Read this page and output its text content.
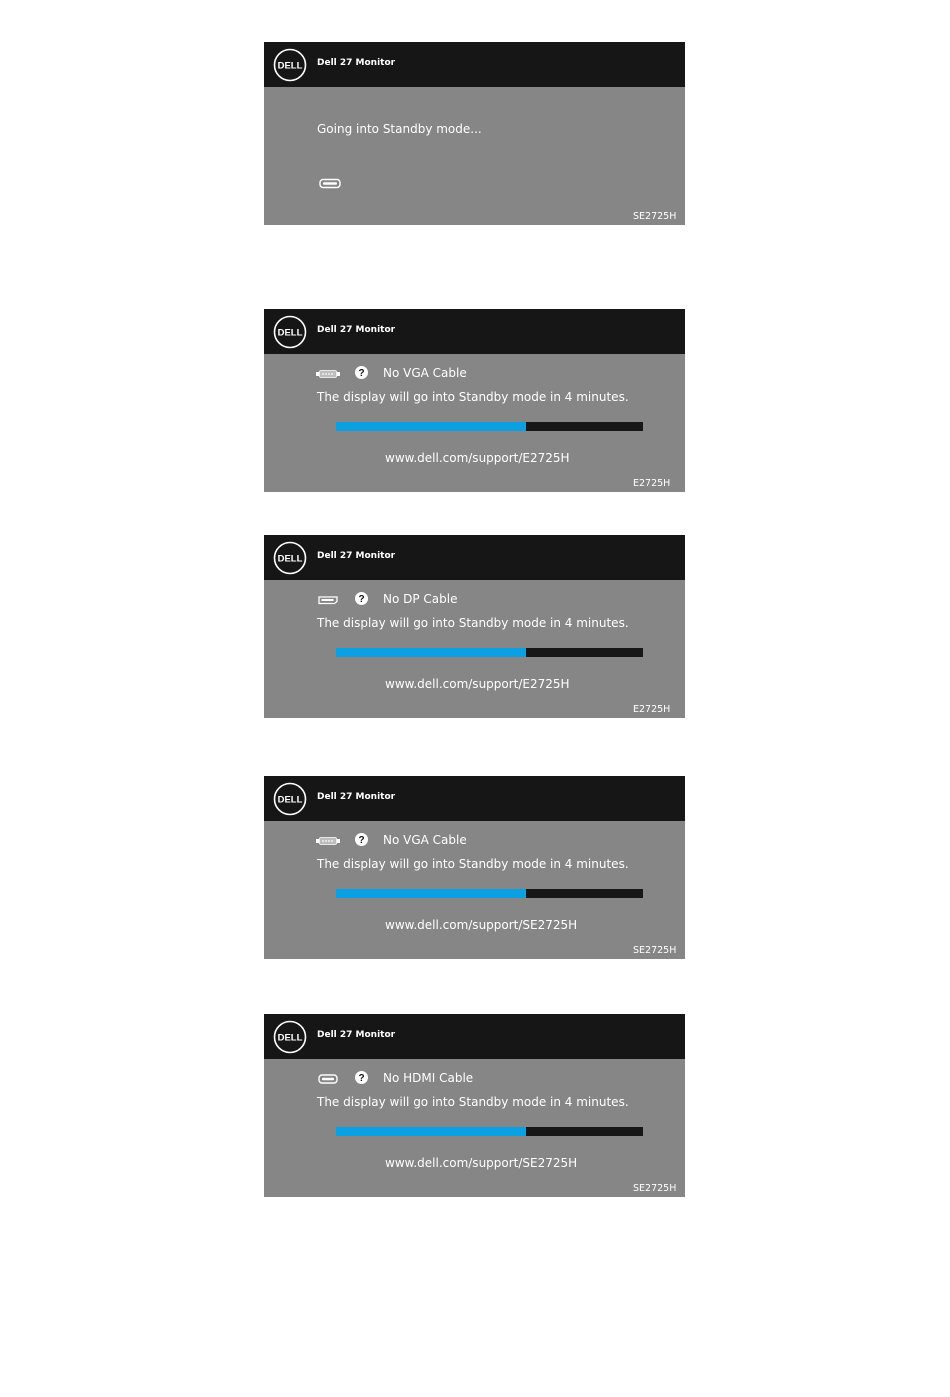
DELL Dell 27 Monitor
Going into Standby mode...
SE2725H
DELL Dell 27 Monitor
? No VGA Cable
The display will go into Standby mode in 4 minutes.
www.dell.com/support/E2725H
E2725H
DELL Dell 27 Monitor
? No DP Cable
The display will go into Standby mode in 4 minutes.
www.dell.com/support/E2725H
E2725H
DELL Dell 27 Monitor
? No VGA Cable
The display will go into Standby mode in 4 minutes.
www.dell.com/support/SE2725H
SE2725H
DELL Dell 27 Monitor
? No HDMI Cable
The display will go into Standby mode in 4 minutes.
www.dell.com/support/SE2725H
SE2725H
